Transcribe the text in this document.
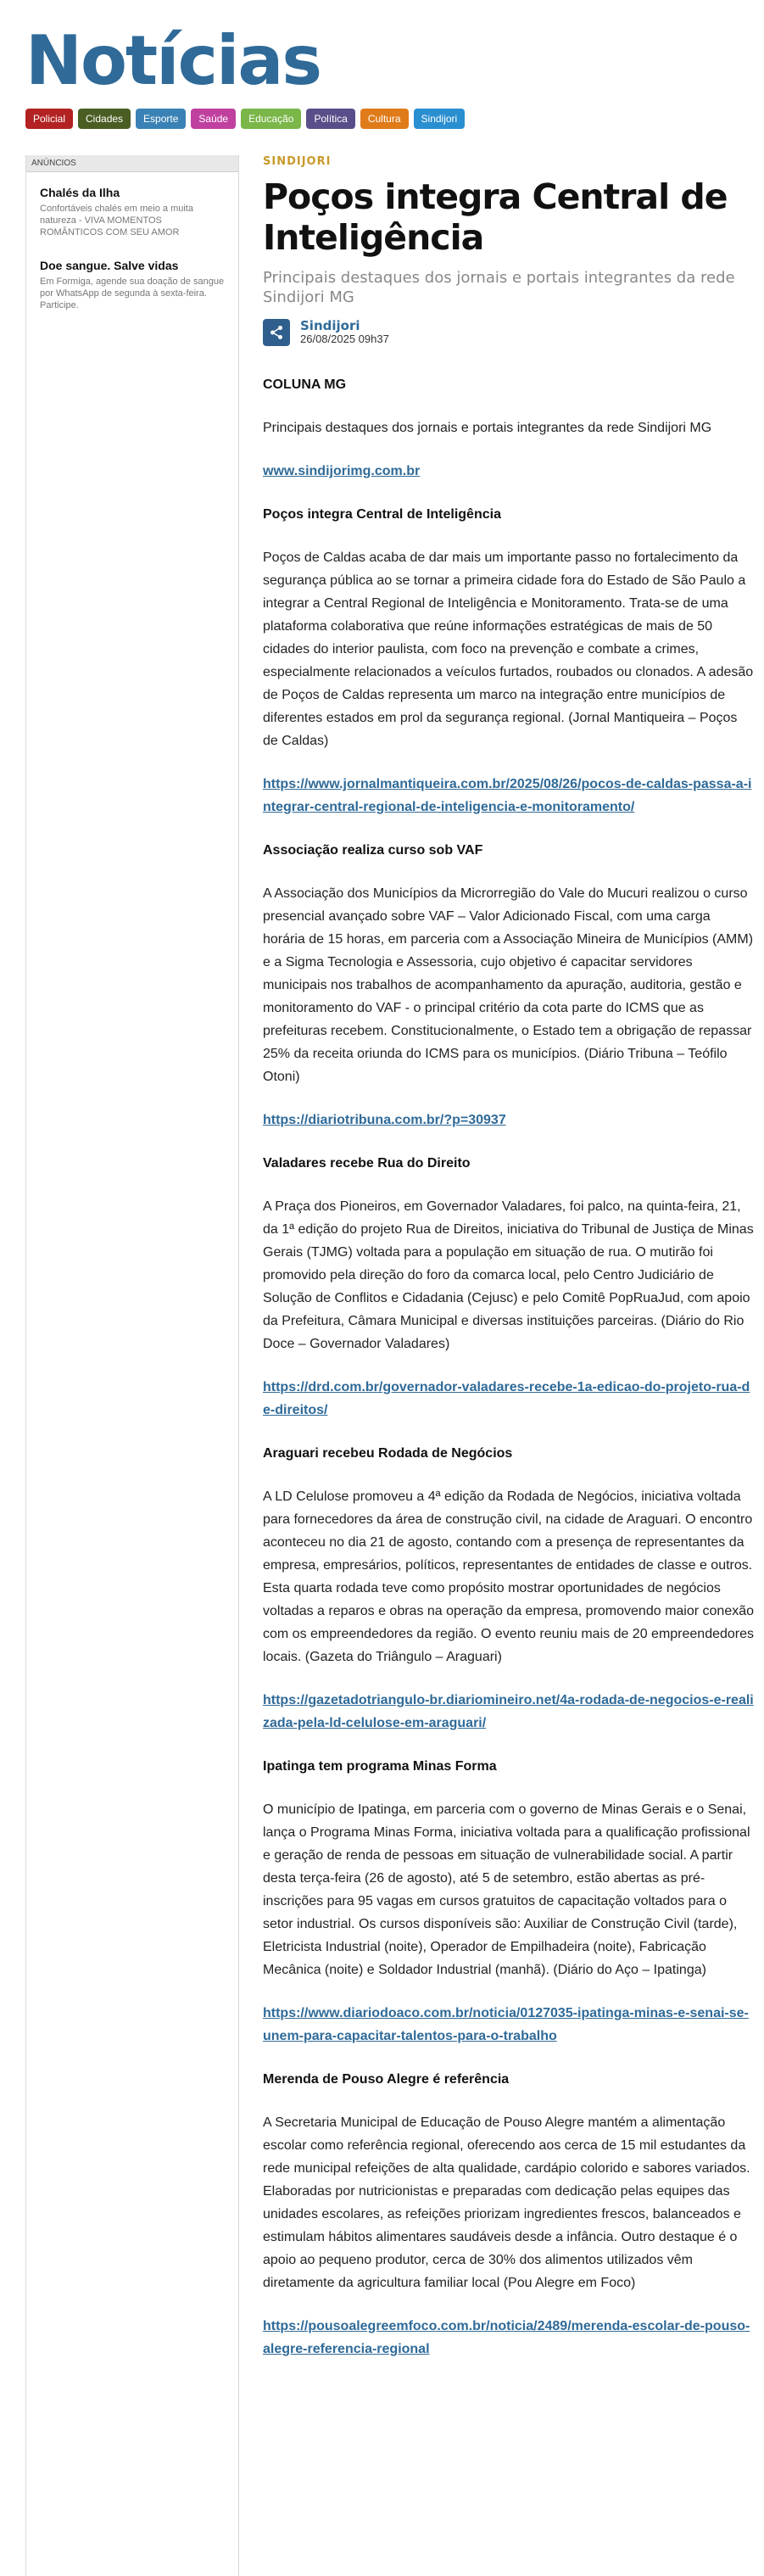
Notícias
Policial	Cidades	Esporte	Saúde	Educação	Política	Cultura	Sindijori
ANÚNCIOS
Chalés da Ilha
Confortáveis chalés em meio a muita natureza - VIVA MOMENTOS ROMÂNTICOS COM SEU AMOR
Doe sangue. Salve vidas
Em Formiga, agende sua doação de sangue por WhatsApp de segunda à sexta-feira. Participe.
SINDIJORI
Poços integra Central de Inteligência
Principais destaques dos jornais e portais integrantes da rede Sindijori MG
Sindijori
26/08/2025 09h37
COLUNA MG

Principais destaques dos jornais e portais integrantes da rede Sindijori MG

www.sindijorimg.com.br
Poços integra Central de Inteligência

Poços de Caldas acaba de dar mais um importante passo no fortalecimento da segurança pública ao se tornar a primeira cidade fora do Estado de São Paulo a integrar a Central Regional de Inteligência e Monitoramento. Trata-se de uma plataforma colaborativa que reúne informações estratégicas de mais de 50 cidades do interior paulista, com foco na prevenção e combate a crimes, especialmente relacionados a veículos furtados, roubados ou clonados. A adesão de Poços de Caldas representa um marco na integração entre municípios de diferentes estados em prol da segurança regional. (Jornal Mantiqueira – Poços de Caldas)

https://www.jornalmantiqueira.com.br/2025/08/26/pocos-de-caldas-passa-a-integrar-central-regional-de-inteligencia-e-monitoramento/
Associação realiza curso sob VAF

A Associação dos Municípios da Microrregião do Vale do Mucuri realizou o curso presencial avançado sobre VAF – Valor Adicionado Fiscal, com uma carga horária de 15 horas, em parceria com a Associação Mineira de Municípios (AMM) e a Sigma Tecnologia e Assessoria, cujo objetivo é capacitar servidores municipais nos trabalhos de acompanhamento da apuração, auditoria, gestão e monitoramento do VAF - o principal critério da cota parte do ICMS que as prefeituras recebem. Constitucionalmente, o Estado tem a obrigação de repassar 25% da receita oriunda do ICMS para os municípios. (Diário Tribuna – Teófilo Otoni)

https://diariotribuna.com.br/?p=30937
Valadares recebe Rua do Direito

A Praça dos Pioneiros, em Governador Valadares, foi palco, na quinta-feira, 21, da 1ª edição do projeto Rua de Direitos, iniciativa do Tribunal de Justiça de Minas Gerais (TJMG) voltada para a população em situação de rua. O mutirão foi promovido pela direção do foro da comarca local, pelo Centro Judiciário de Solução de Conflitos e Cidadania (Cejusc) e pelo Comitê PopRuaJud, com apoio da Prefeitura, Câmara Municipal e diversas instituições parceiras. (Diário do Rio Doce – Governador Valadares)

https://drd.com.br/governador-valadares-recebe-1a-edicao-do-projeto-rua-de-direitos/
Araguari recebeu Rodada de Negócios

A LD Celulose promoveu a 4ª edição da Rodada de Negócios, iniciativa voltada para fornecedores da área de construção civil, na cidade de Araguari. O encontro aconteceu no dia 21 de agosto, contando com a presença de representantes da empresa, empresários, políticos, representantes de entidades de classe e outros. Esta quarta rodada teve como propósito mostrar oportunidades de negócios voltadas a reparos e obras na operação da empresa, promovendo maior conexão com os empreendedores da região. O evento reuniu mais de 20 empreendedores locais. (Gazeta do Triângulo – Araguari)

https://gazetadotriangulo-br.diariomineiro.net/4a-rodada-de-negocios-e-realizada-pela-ld-celulose-em-araguari/
Ipatinga tem programa Minas Forma

O município de Ipatinga, em parceria com o governo de Minas Gerais e o Senai, lança o Programa Minas Forma, iniciativa voltada para a qualificação profissional e geração de renda de pessoas em situação de vulnerabilidade social. A partir desta terça-feira (26 de agosto), até 5 de setembro, estão abertas as pré-inscrições para 95 vagas em cursos gratuitos de capacitação voltados para o setor industrial. Os cursos disponíveis são: Auxiliar de Construção Civil (tarde), Eletricista Industrial (noite), Operador de Empilhadeira (noite), Fabricação Mecânica (noite) e Soldador Industrial (manhã). (Diário do Aço – Ipatinga)

https://www.diariodoaco.com.br/noticia/0127035-ipatinga-minas-e-senai-se-unem-para-capacitar-talentos-para-o-trabalho
Merenda de Pouso Alegre é referência

A Secretaria Municipal de Educação de Pouso Alegre mantém a alimentação escolar como referência regional, oferecendo aos cerca de 15 mil estudantes da rede municipal refeições de alta qualidade, cardápio colorido e sabores variados. Elaboradas por nutricionistas e preparadas com dedicação pelas equipes das unidades escolares, as refeições priorizam ingredientes frescos, balanceados e estimulam hábitos alimentares saudáveis desde a infância. Outro destaque é o apoio ao pequeno produtor, cerca de 30% dos alimentos utilizados vêm diretamente da agricultura familiar local (Pou Alegre em Foco)

https://pousoalegreemfoco.com.br/noticia/2489/merenda-escolar-de-pouso-alegre-referencia-regional
